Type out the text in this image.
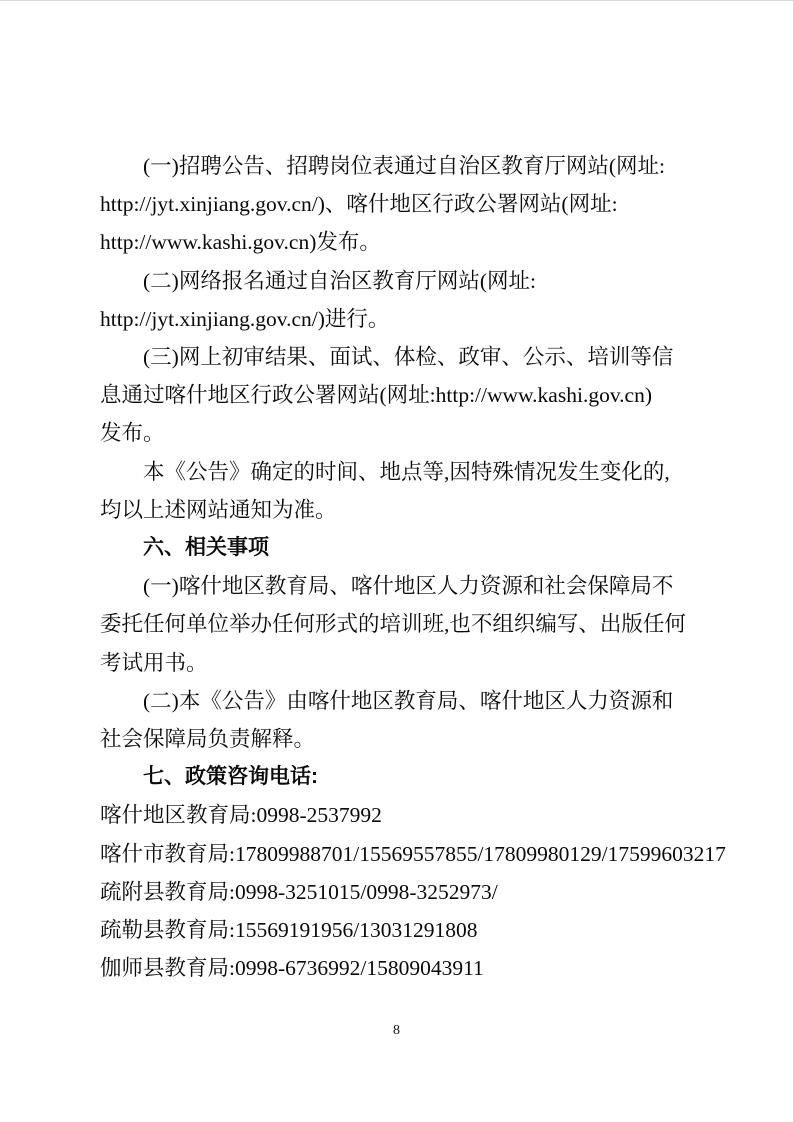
(一)招聘公告、招聘岗位表通过自治区教育厅网站(网址:
http://jyt.xinjiang.gov.cn/)、喀什地区行政公署网站(网址:
http://www.kashi.gov.cn)发布。
(二)网络报名通过自治区教育厅网站(网址:
http://jyt.xinjiang.gov.cn/)进行。
(三)网上初审结果、面试、体检、政审、公示、培训等信
息通过喀什地区行政公署网站(网址:http://www.kashi.gov.cn)
发布。
本《公告》确定的时间、地点等,因特殊情况发生变化的,
均以上述网站通知为准。
六、相关事项
(一)喀什地区教育局、喀什地区人力资源和社会保障局不
委托任何单位举办任何形式的培训班,也不组织编写、出版任何
考试用书。
(二)本《公告》由喀什地区教育局、喀什地区人力资源和
社会保障局负责解释。
七、政策咨询电话:
喀什地区教育局:0998-2537992
喀什市教育局:17809988701/15569557855/17809980129/17599603217
疏附县教育局:0998-3251015/0998-3252973/
疏勒县教育局:15569191956/13031291808
伽师县教育局:0998-6736992/15809043911
8
